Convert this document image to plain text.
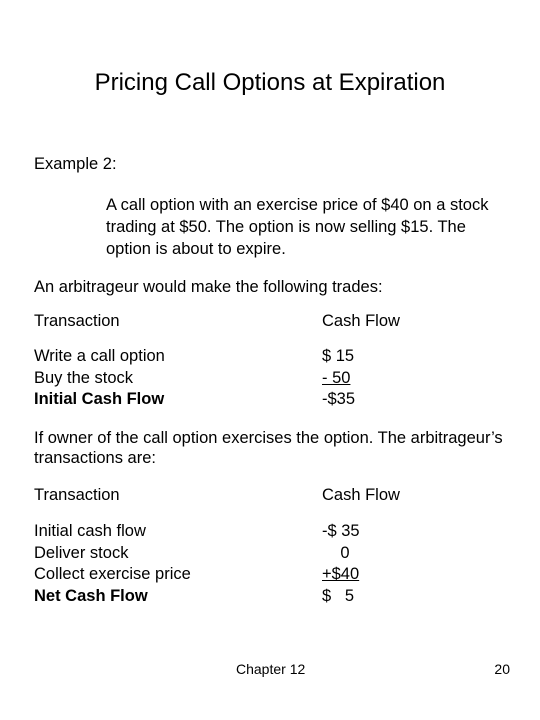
Pricing Call Options at Expiration
Example 2:
A call option with an exercise price of $40 on a stock trading at $50. The option is now selling $15. The option is about to expire.
An arbitrageur would make the following trades:
Transaction	Cash Flow
Write a call option	$ 15
Buy the stock	- 50
Initial Cash Flow	-$35
If owner of the call option exercises the option. The arbitrageur’s transactions are:
Transaction	Cash Flow
Initial cash flow	-$ 35
Deliver stock	0
Collect exercise price	+$40
Net Cash Flow	$   5
Chapter 12	20
